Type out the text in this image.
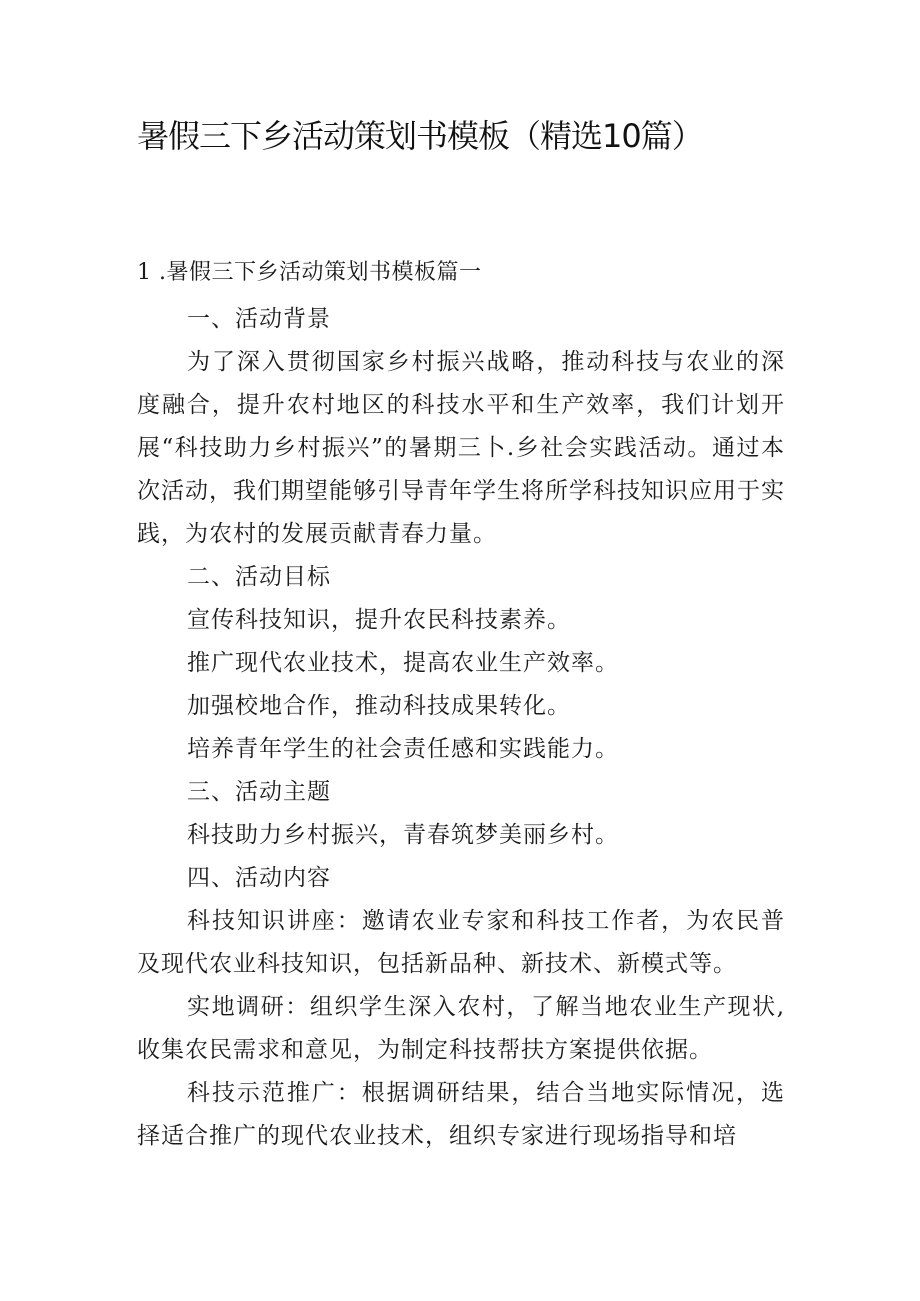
暑假三下乡活动策划书模板（精选10篇）
1 .暑假三下乡活动策划书模板篇一

一、活动背景

为了深入贯彻国家乡村振兴战略，推动科技与农业的深度融合，提升农村地区的科技水平和生产效率，我们计划开展“科技助力乡村振兴”的暑期三卜.乡社会实践活动。通过本次活动，我们期望能够引导青年学生将所学科技知识应用于实践，为农村的发展贡献青春力量。

二、活动目标

宣传科技知识，提升农民科技素养。

推广现代农业技术，提高农业生产效率。

加强校地合作，推动科技成果转化。

培养青年学生的社会责任感和实践能力。

三、活动主题

科技助力乡村振兴，青春筑梦美丽乡村。

四、活动内容

科技知识讲座：邀请农业专家和科技工作者，为农民普及现代农业科技知识，包括新品种、新技术、新模式等。

实地调研：组织学生深入农村，了解当地农业生产现状,收集农民需求和意见，为制定科技帮扶方案提供依据。

科技示范推广：根据调研结果，结合当地实际情况，选择适合推广的现代农业技术，组织专家进行现场指导和培
